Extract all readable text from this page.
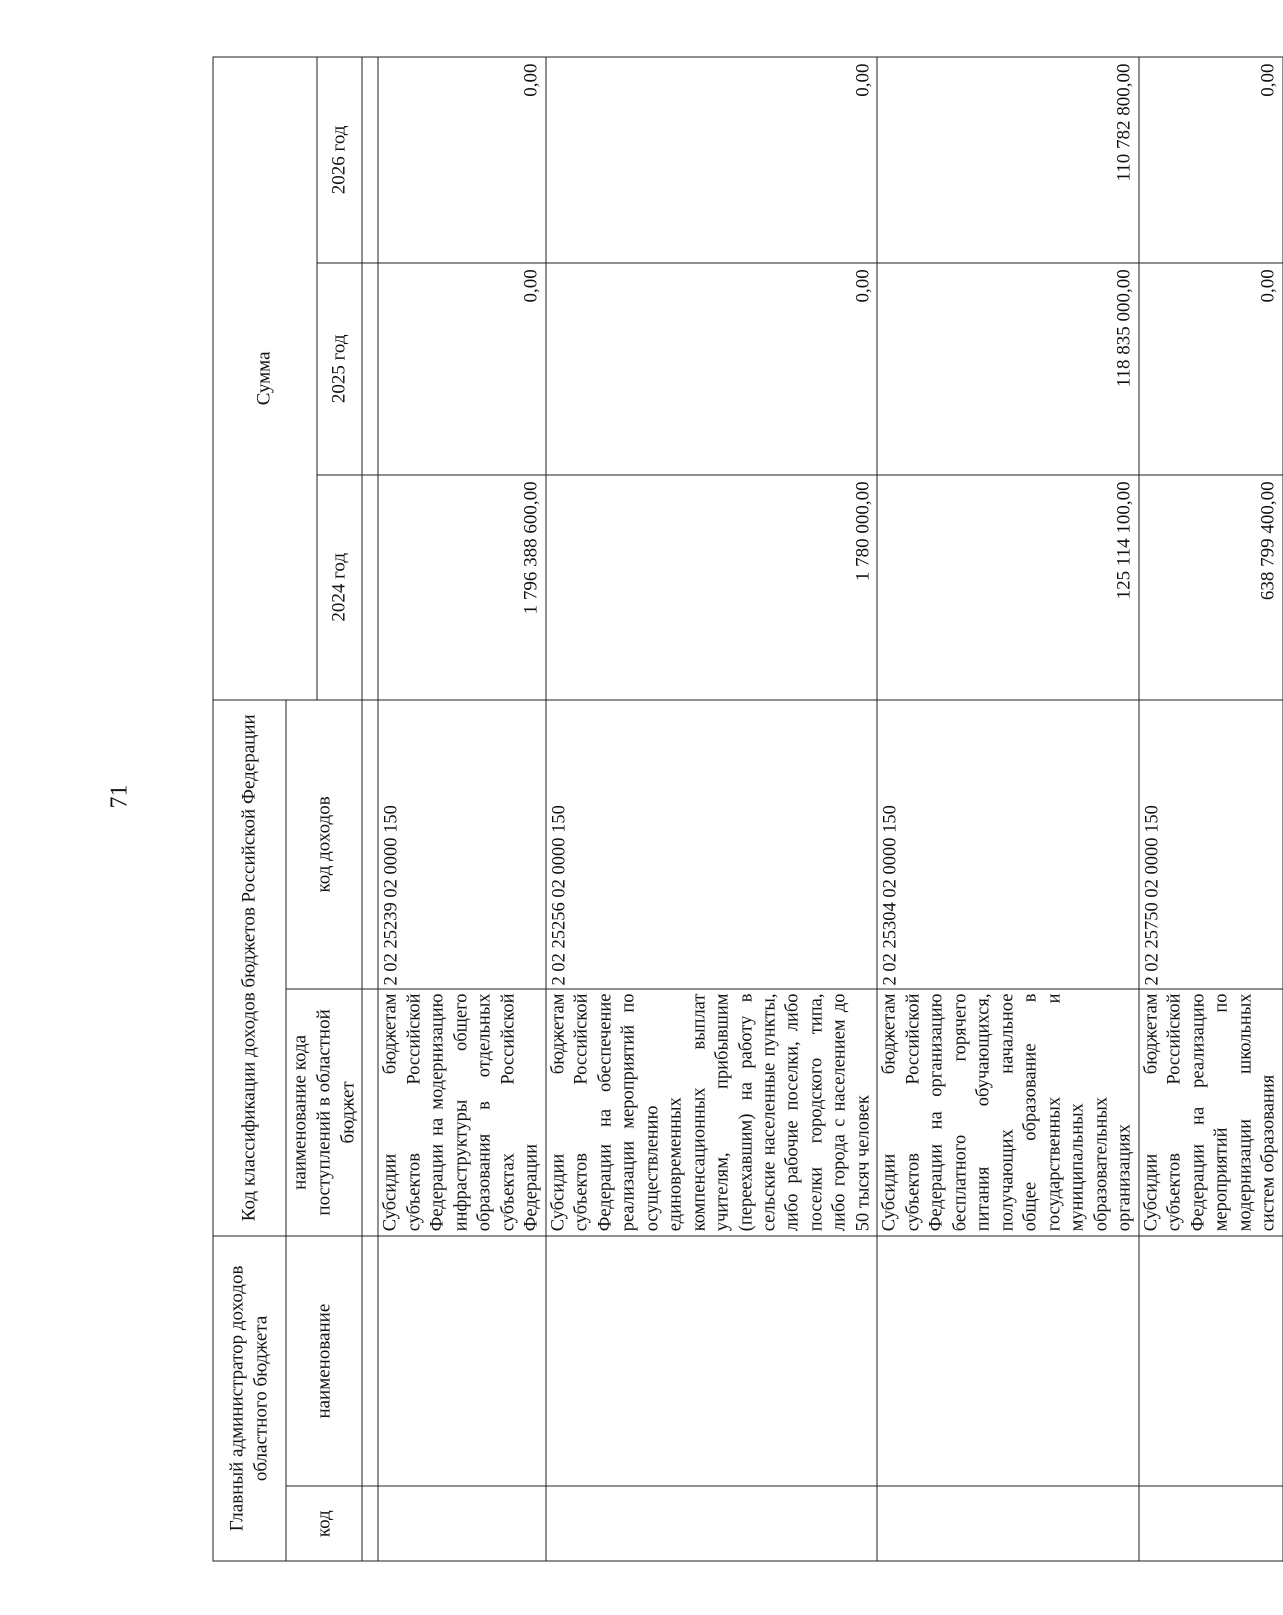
71
Главный администратор доходов областного бюджета		Код классификации доходов бюджетов Российской Федерации		Сумма		
код	наименование	наименование кода поступлений в областной бюджет	код доходов			
				2024 год	2025 год	2026 год

		Субсидии бюджетам субъектов Российской Федерации на модернизацию инфраструктуры общего образования в отдельных субъектах Российской Федерации	2 02 25239 02 0000 150	1 796 388 600,00	0,00	0,00
		Субсидии бюджетам субъектов Российской Федерации на обеспечение реализации мероприятий по осуществлению единовременных компенсационных выплат учителям, прибывшим (переехавшим) на работу в сельские населенные пункты, либо рабочие поселки, либо поселки городского типа, либо города с населением до 50 тысяч человек	2 02 25256 02 0000 150	1 780 000,00	0,00	0,00
		Субсидии бюджетам субъектов Российской Федерации на организацию бесплатного горячего питания обучающихся, получающих начальное общее образование в государственных и муниципальных образовательных организациях	2 02 25304 02 0000 150	125 114 100,00	118 835 000,00	110 782 800,00
		Субсидии бюджетам субъектов Российской Федерации на реализацию мероприятий по модернизации школьных систем образования	2 02 25750 02 0000 150	638 799 400,00	0,00	0,00
